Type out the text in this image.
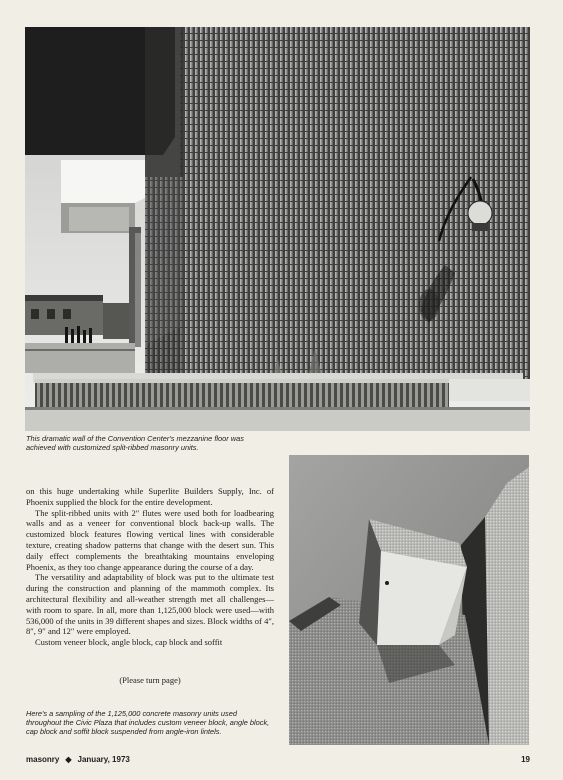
This dramatic wall of the Convention Center's mezzanine floor was achieved with customized split-ribbed masonry units.

on this huge undertaking while Superlite Builders Supply, Inc. of Phoenix supplied the block for the entire development.

The split-ribbed units with 2″ flutes were used both for loadbearing walls and as a veneer for conventional block back-up walls. The customized block features flowing vertical lines with considerable texture, creating shadow patterns that change with the desert sun. This daily effect complements the breathtaking mountains enveloping Phoenix, as they too change appearance during the course of a day.

The versatility and adaptability of block was put to the ultimate test during the construction and planning of the mammoth complex. Its architectural flexibility and all-weather strength met all challenges—with room to spare. In all, more than 1,125,000 block were used—with 536,000 of the units in 39 different shapes and sizes. Block widths of 4″, 8″, 9″ and 12″ were employed.

Custom veneer block, angle block, cap block and soffit

(Please turn page)

Here's a sampling of the 1,125,000 concrete masonry units used throughout the Civic Plaza that includes custom veneer block, angle block, cap block and soffit block suspended from angle-iron lintels.

masonry ◆ January, 1973	19
